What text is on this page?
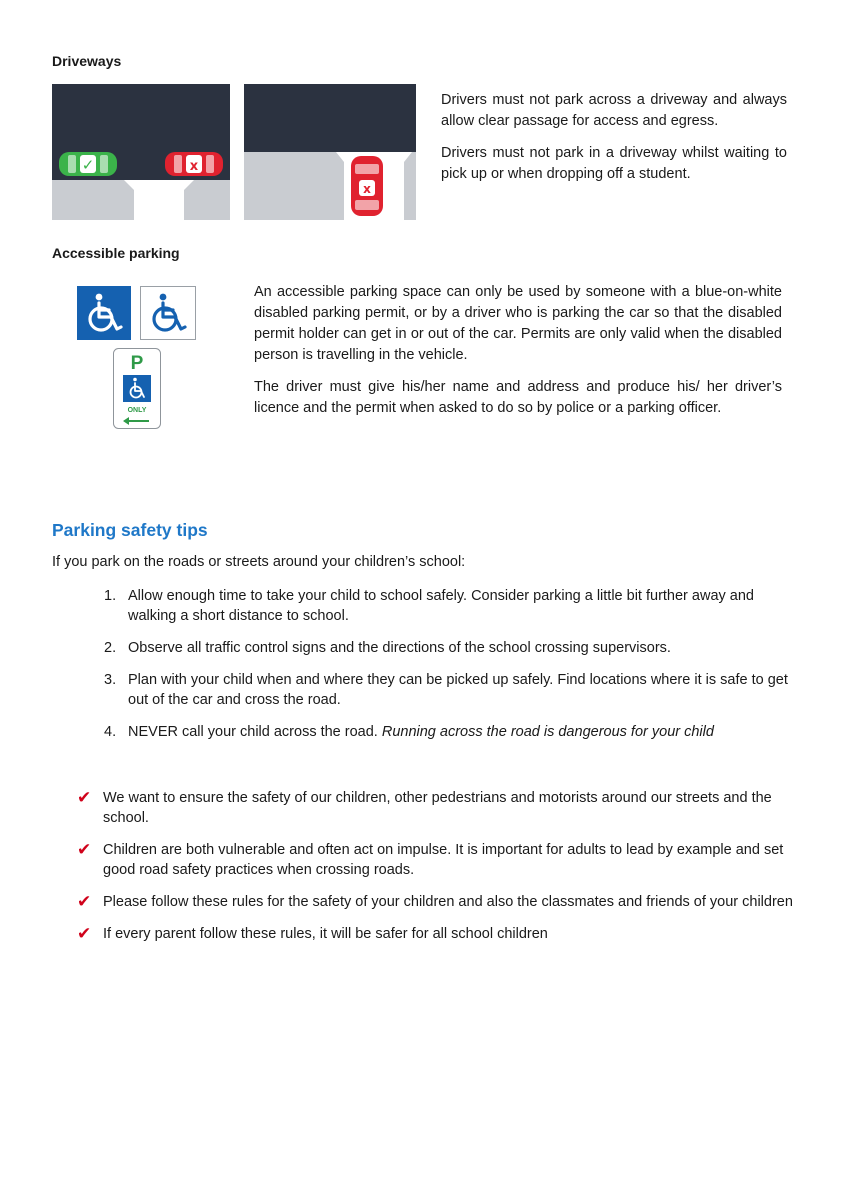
Driveways
✓	x
x

Drivers must not park across a driveway and always allow clear passage for access and egress.

Drivers must not park in a driveway whilst waiting to pick up or when dropping off a student.

Accessible parking
P
ONLY

An accessible parking space can only be used by someone with a blue-on-white disabled parking permit, or by a driver who is parking the car so that the disabled permit holder can get in or out of the car. Permits are only valid when the disabled person is travelling in the vehicle.

The driver must give his/her name and address and produce his/ her driver’s licence and the permit when asked to do so by police or a parking officer.

Parking safety tips
If you park on the roads or streets around your children’s school:
1. Allow enough time to take your child to school safely. Consider parking a little bit further away and walking a short distance to school.
2. Observe all traffic control signs and the directions of the school crossing supervisors.
3. Plan with your child when and where they can be picked up safely. Find locations where it is safe to get out of the car and cross the road.
4. NEVER call your child across the road. Running across the road is dangerous for your child
✔ We want to ensure the safety of our children, other pedestrians and motorists around our streets and the school.
✔ Children are both vulnerable and often act on impulse. It is important for adults to lead by example and set good road safety practices when crossing roads.
✔ Please follow these rules for the safety of your children and also the classmates and friends of your children
✔ If every parent follow these rules, it will be safer for all school children
